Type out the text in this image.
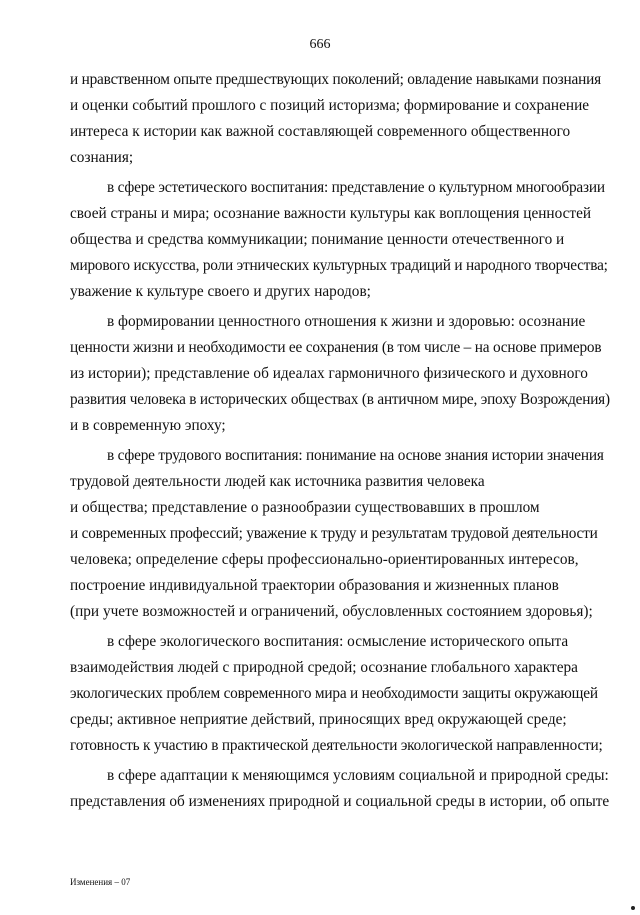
666
и нравственном опыте предшествующих поколений; овладение навыками познания
и оценки событий прошлого с позиций историзма; формирование и сохранение
интереса к истории как важной составляющей современного общественного
сознания;
в сфере эстетического воспитания: представление о культурном многообразии
своей страны и мира; осознание важности культуры как воплощения ценностей
общества и средства коммуникации; понимание ценности отечественного и
мирового искусства, роли этнических культурных традиций и народного творчества;
уважение к культуре своего и других народов;
в формировании ценностного отношения к жизни и здоровью: осознание
ценности жизни и необходимости ее сохранения (в том числе – на основе примеров
из истории); представление об идеалах гармоничного физического и духовного
развития человека в исторических обществах (в античном мире, эпоху Возрождения)
и в современную эпоху;
в сфере трудового воспитания: понимание на основе знания истории значения
трудовой деятельности людей как источника развития человека
и общества; представление о разнообразии существовавших в прошлом
и современных профессий; уважение к труду и результатам трудовой деятельности
человека; определение сферы профессионально-ориентированных интересов,
построение индивидуальной траектории образования и жизненных планов
(при учете возможностей и ограничений, обусловленных состоянием здоровья);
в сфере экологического воспитания: осмысление исторического опыта
взаимодействия людей с природной средой; осознание глобального характера
экологических проблем современного мира и необходимости защиты окружающей
среды; активное неприятие действий, приносящих вред окружающей среде;
готовность к участию в практической деятельности экологической направленности;
в сфере адаптации к меняющимся условиям социальной и природной среды:
представления об изменениях природной и социальной среды в истории, об опыте
Изменения – 07
